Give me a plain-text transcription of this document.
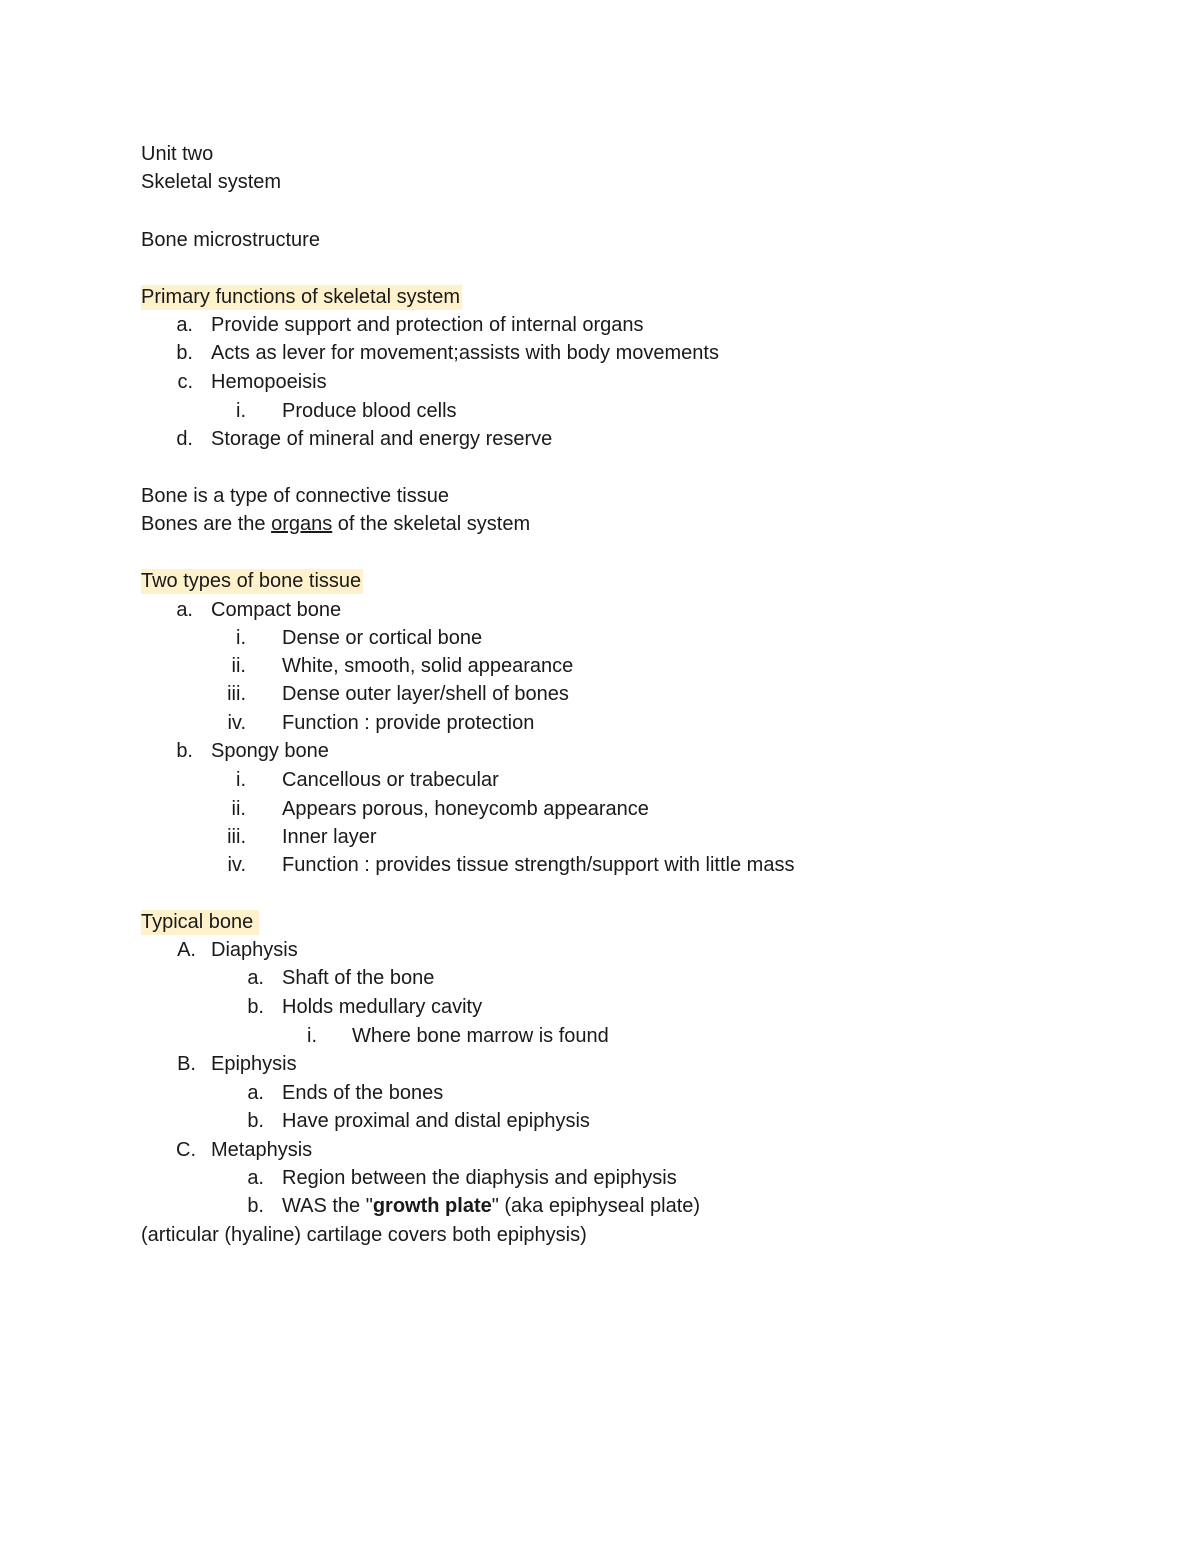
Unit two
Skeletal system
Bone microstructure
Primary functions of skeletal system
a. Provide support and protection of internal organs
b. Acts as lever for movement;assists with body movements
c. Hemopoeisis
i. Produce blood cells
d. Storage of mineral and energy reserve
Bone is a type of connective tissue
Bones are the organs of the skeletal system
Two types of bone tissue
a. Compact bone
i. Dense or cortical bone
ii. White, smooth, solid appearance
iii. Dense outer layer/shell of bones
iv. Function : provide protection
b. Spongy bone
i. Cancellous or trabecular
ii. Appears porous, honeycomb appearance
iii. Inner layer
iv. Function : provides tissue strength/support with little mass
Typical bone
A. Diaphysis
a. Shaft of the bone
b. Holds medullary cavity
i. Where bone marrow is found
B. Epiphysis
a. Ends of the bones
b. Have proximal and distal epiphysis
C. Metaphysis
a. Region between the diaphysis and epiphysis
b. WAS the "growth plate" (aka epiphyseal plate)
(articular (hyaline) cartilage covers both epiphysis)
